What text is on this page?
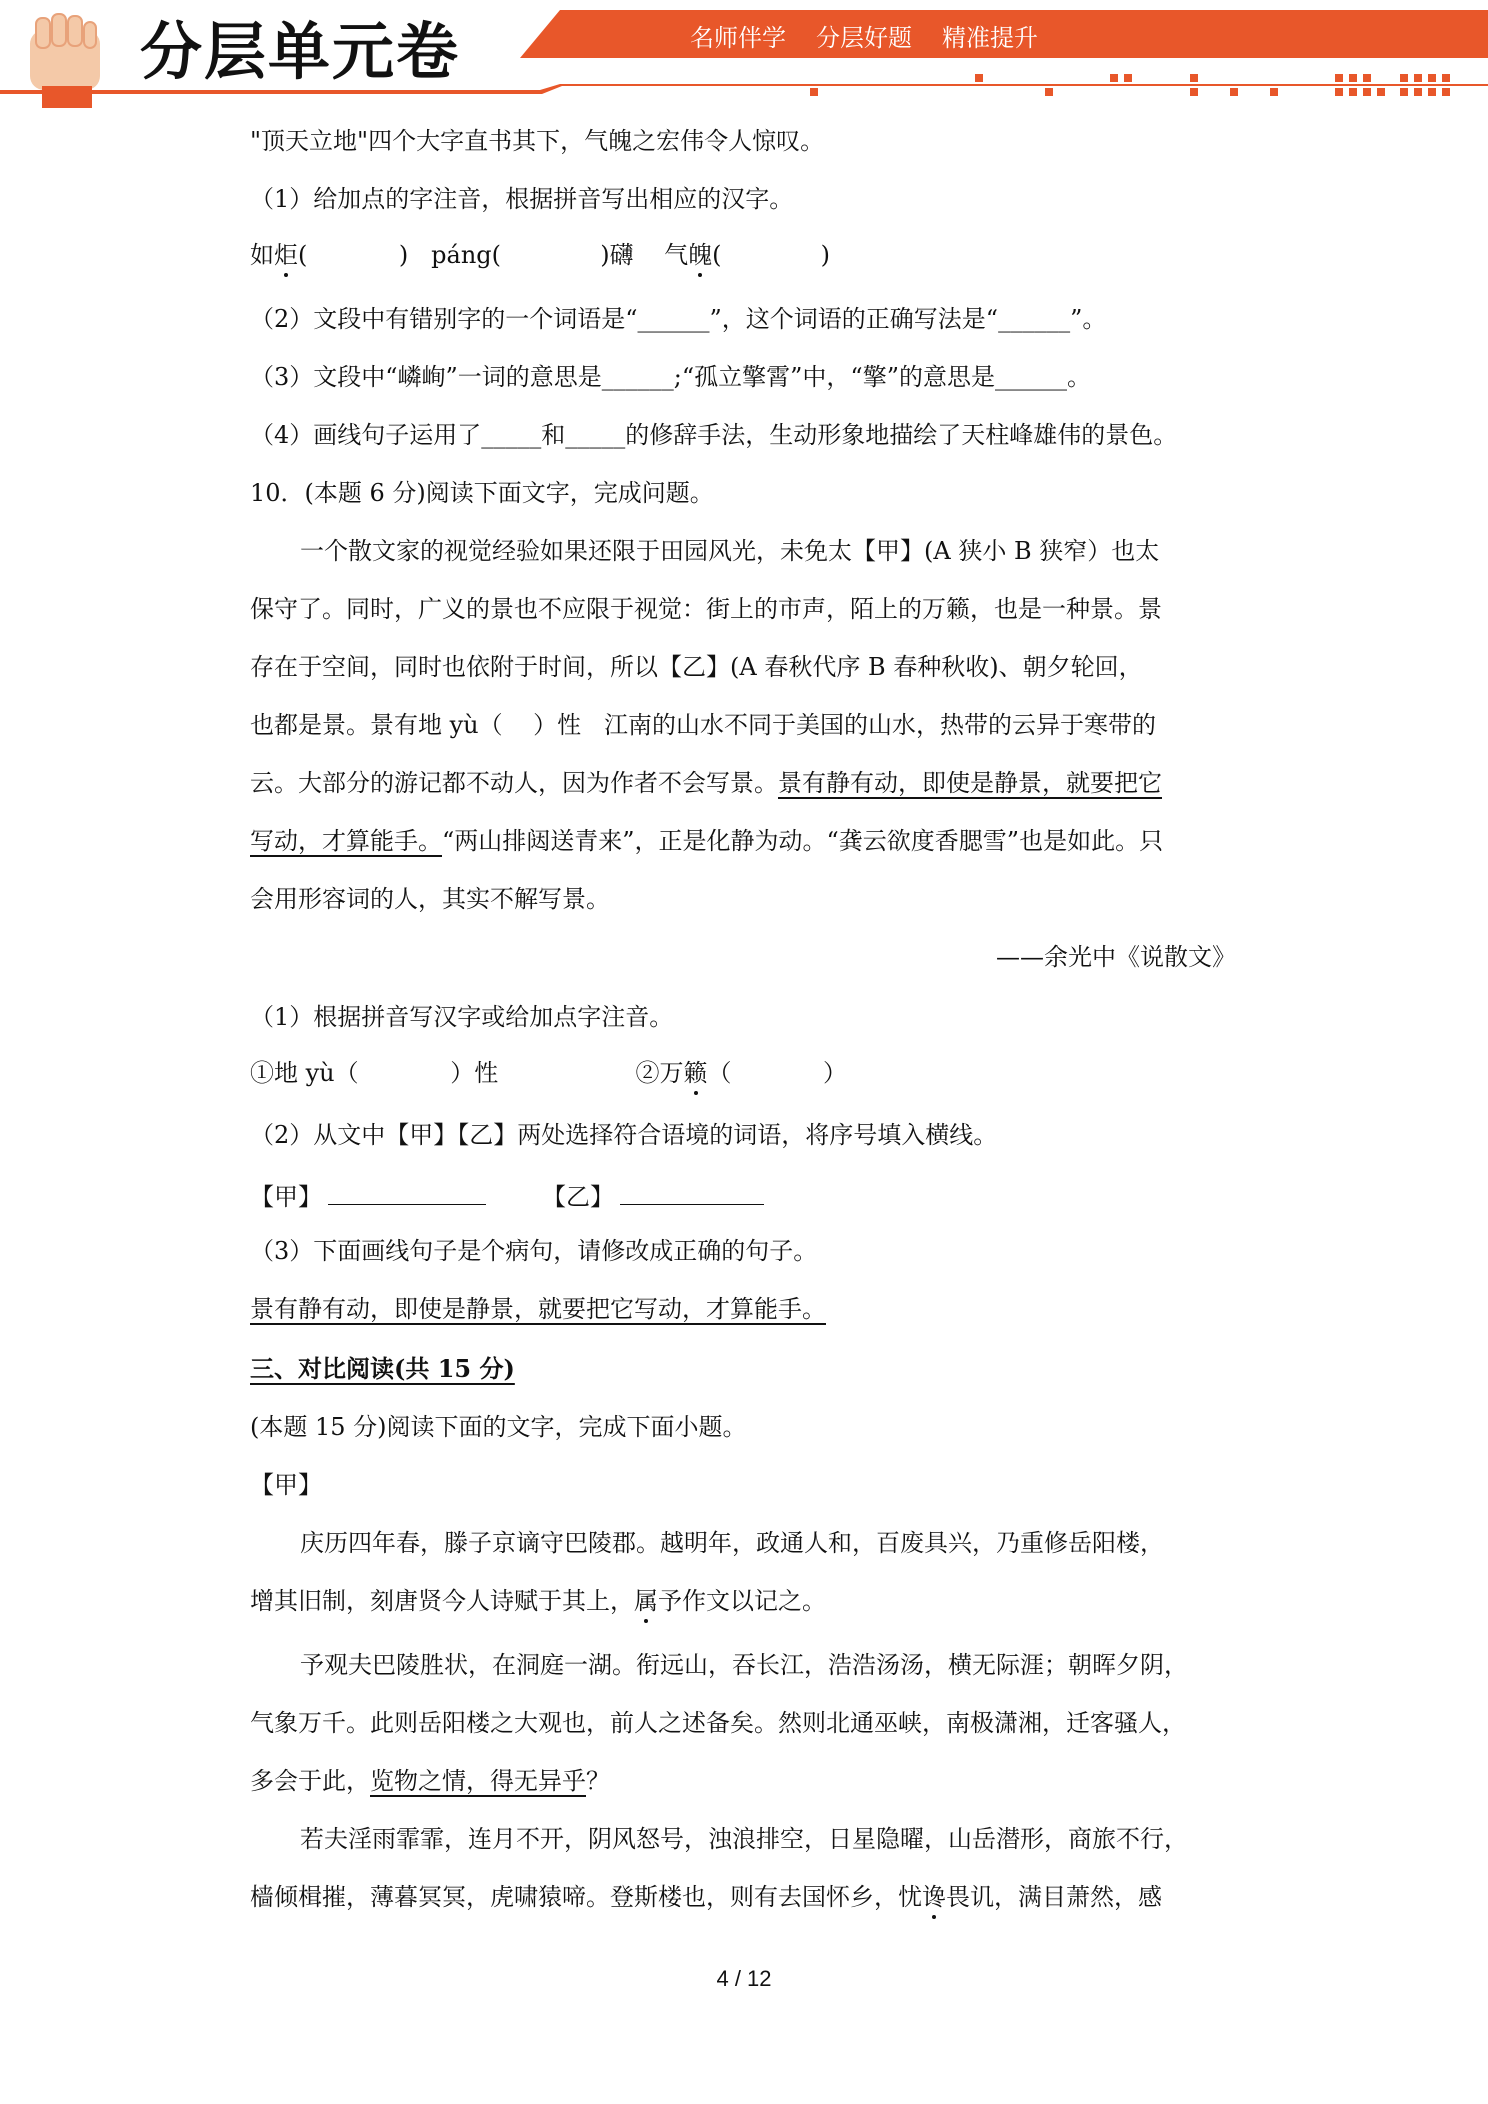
分层单元卷	名师伴学 分层好题 精准提升
"顶天立地"四个大字直书其下，气魄之宏伟令人惊叹。
（1）给加点的字注音，根据拼音写出相应的汉字。
如炬(            )   páng(             )礴    气魄(             )
（2）文段中有错别字的一个词语是“______”，这个词语的正确写法是“______”。
（3）文段中“嶙峋”一词的意思是______;“孤立擎霄”中，“擎”的意思是______。
（4）画线句子运用了_____和_____的修辞手法，生动形象地描绘了天柱峰雄伟的景色。
10．(本题 6 分)阅读下面文字，完成问题。
一个散文家的视觉经验如果还限于田园风光，未免太【甲】(A 狭小 B 狭窄）也太
保守了。同时，广义的景也不应限于视觉：街上的市声，陌上的万籁，也是一种景。景
存在于空间，同时也依附于时间，所以【乙】(A 春秋代序 B 春种秋收)、朝夕轮回，
也都是景。景有地 yù（    ）性   江南的山水不同于美国的山水，热带的云异于寒带的
云。大部分的游记都不动人，因为作者不会写景。景有静有动，即使是静景，就要把它
写动，才算能手。“两山排闼送青来”，正是化静为动。“龚云欲度香腮雪”也是如此。只
会用形容词的人，其实不解写景。
——余光中《说散文》
（1）根据拼音写汉字或给加点字注音。
①地 yù（            ）性                  ②万籁（            ）
（2）从文中【甲】【乙】两处选择符合语境的词语，将序号填入横线。
【甲】	【乙】
（3）下面画线句子是个病句，请修改成正确的句子。
景有静有动，即使是静景，就要把它写动，才算能手。
三、对比阅读(共 15 分)
(本题 15 分)阅读下面的文字，完成下面小题。
【甲】
庆历四年春，滕子京谪守巴陵郡。越明年，政通人和，百废具兴，乃重修岳阳楼，
增其旧制，刻唐贤今人诗赋于其上，属予作文以记之。
予观夫巴陵胜状，在洞庭一湖。衔远山，吞长江，浩浩汤汤，横无际涯；朝晖夕阴，
气象万千。此则岳阳楼之大观也，前人之述备矣。然则北通巫峡，南极潇湘，迁客骚人，
多会于此，览物之情，得无异乎？
若夫淫雨霏霏，连月不开，阴风怒号，浊浪排空，日星隐曜，山岳潜形，商旅不行，
樯倾楫摧，薄暮冥冥，虎啸猿啼。登斯楼也，则有去国怀乡，忧谗畏讥，满目萧然，感
4 / 12
